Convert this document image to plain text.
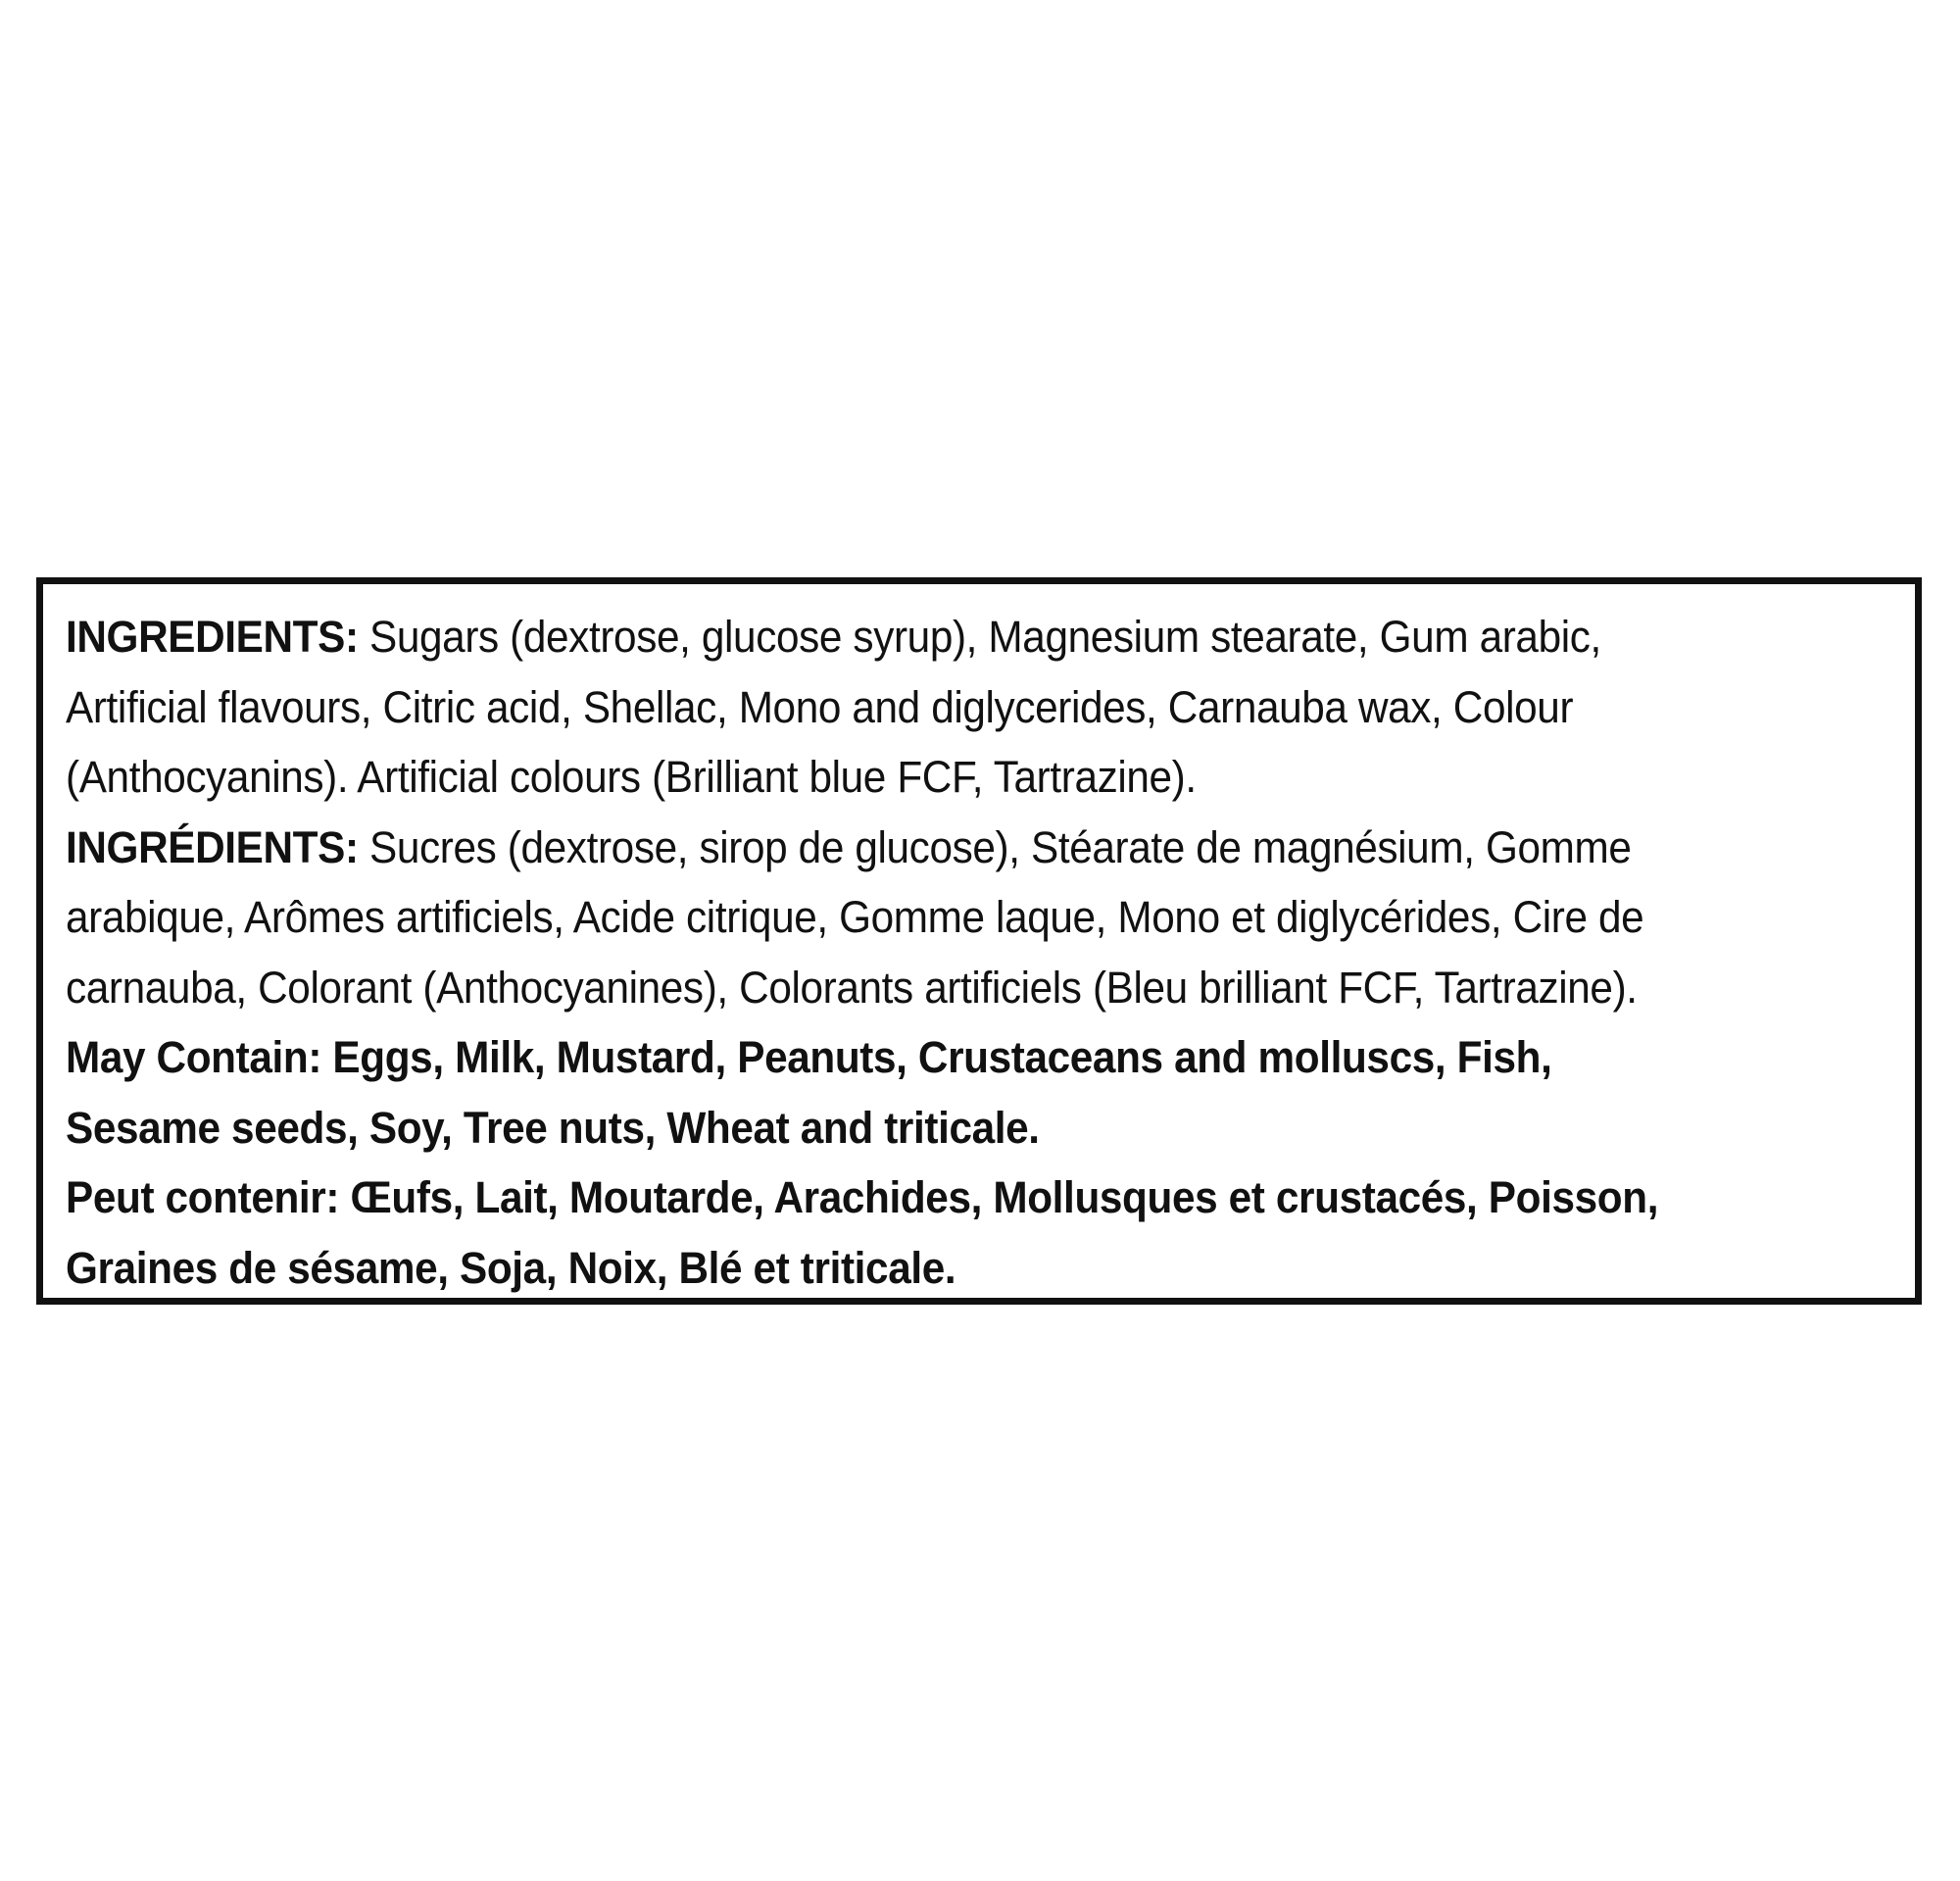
INGREDIENTS: Sugars (dextrose, glucose syrup), Magnesium stearate, Gum arabic,
Artificial flavours, Citric acid, Shellac, Mono and diglycerides, Carnauba wax, Colour
(Anthocyanins). Artificial colours (Brilliant blue FCF, Tartrazine).
INGRÉDIENTS: Sucres (dextrose, sirop de glucose), Stéarate de magnésium, Gomme
arabique, Arômes artificiels, Acide citrique, Gomme laque, Mono et diglycérides, Cire de
carnauba, Colorant (Anthocyanines), Colorants artificiels (Bleu brilliant FCF, Tartrazine).
May Contain: Eggs, Milk, Mustard, Peanuts, Crustaceans and molluscs, Fish,
Sesame seeds, Soy, Tree nuts, Wheat and triticale.
Peut contenir: Œufs, Lait, Moutarde, Arachides, Mollusques et crustacés, Poisson,
Graines de sésame, Soja, Noix, Blé et triticale.
